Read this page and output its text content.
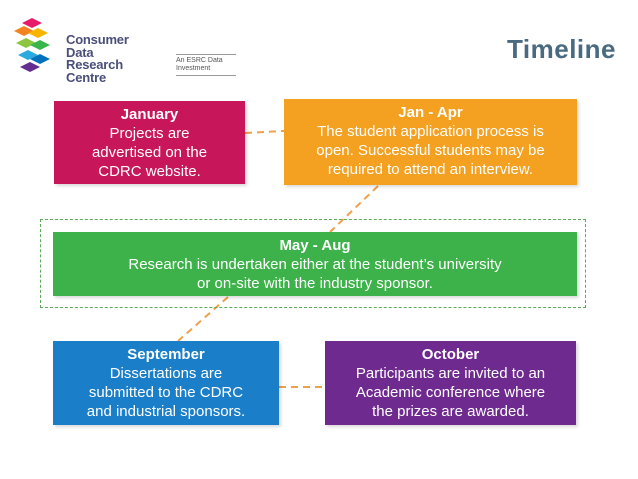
Consumer
Data
Research
Centre
An ESRC Data
Investment
Timeline
January
Projects are
advertised on the
CDRC website.
Jan - Apr
The student application process is
open. Successful students may be
required to attend an interview.
May - Aug
Research is undertaken either at the student’s university
or on-site with the industry sponsor.
September
Dissertations are
submitted to the CDRC
and industrial sponsors.
October
Participants are invited to an
Academic conference where
the prizes are awarded.
